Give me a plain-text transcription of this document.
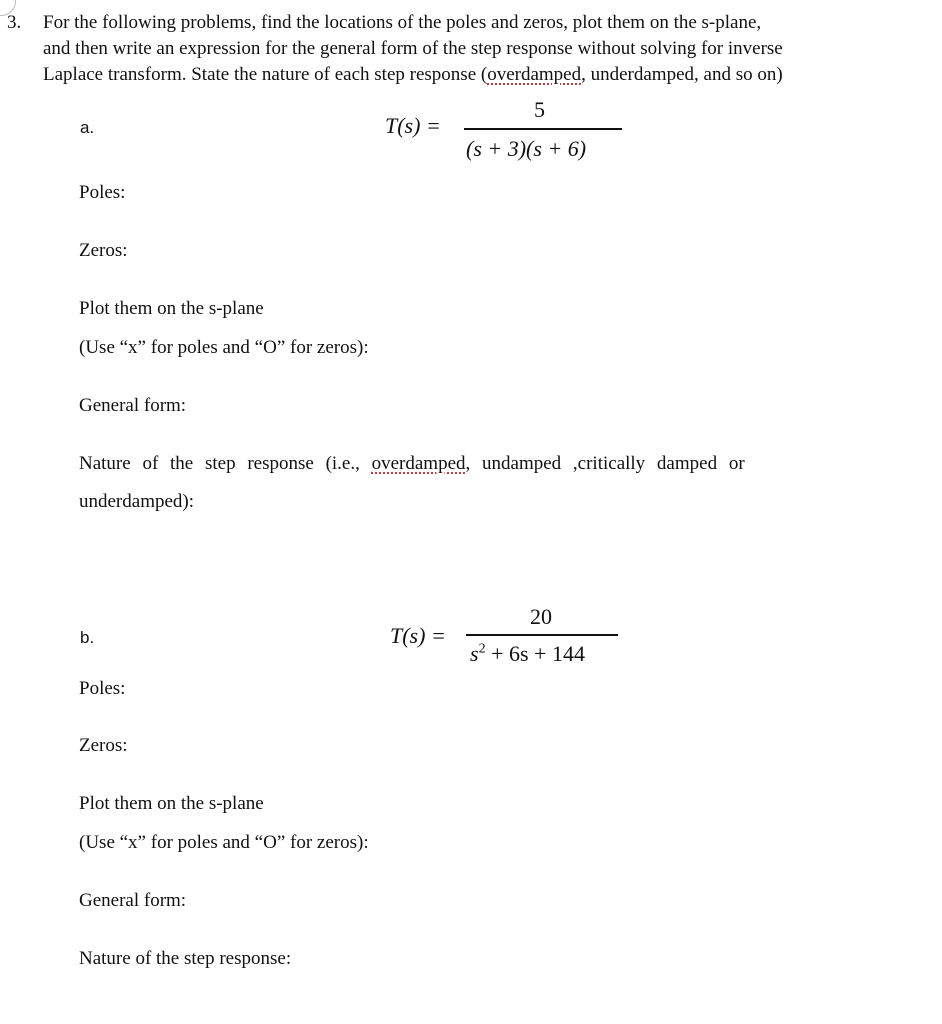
3. For the following problems, find the locations of the poles and zeros, plot them on the s-plane,
and then write an expression for the general form of the step response without solving for inverse
Laplace transform. State the nature of each step response (overdamped, underdamped, and so on)
a.	T(s) =
5
(s + 3)(s + 6)
Poles:
Zeros:
Plot them on the s-plane
(Use “x” for poles and “O” for zeros):
General form:
Nature of the step response (i.e., overdamped, undamped ,critically damped or
underdamped):
b.	T(s) =
20
$s^2 + 6s + 144$
Poles:
Zeros:
Plot them on the s-plane
(Use “x” for poles and “O” for zeros):
General form:
Nature of the step response:
